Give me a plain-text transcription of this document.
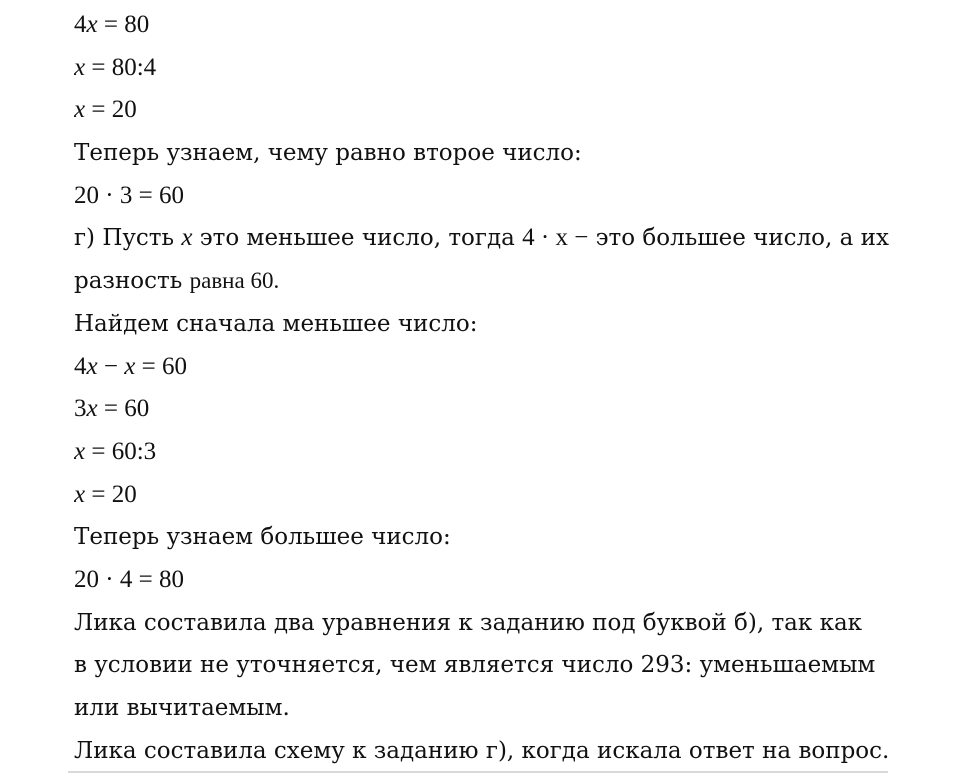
4x = 80
x = 80:4
x = 20
Теперь узнаем, чему равно второе число:
20 · 3 = 60
г) Пусть x это меньшее число, тогда 4 · x − это большее число, а их
разность равна 60.
Найдем сначала меньшее число:
4x − x = 60
3x = 60
x = 60:3
x = 20
Теперь узнаем большее число:
20 · 4 = 80
Лика составила два уравнения к заданию под буквой б), так как
в условии не уточняется, чем является число 293: уменьшаемым
или вычитаемым.
Лика составила схему к заданию г), когда искала ответ на вопрос.
